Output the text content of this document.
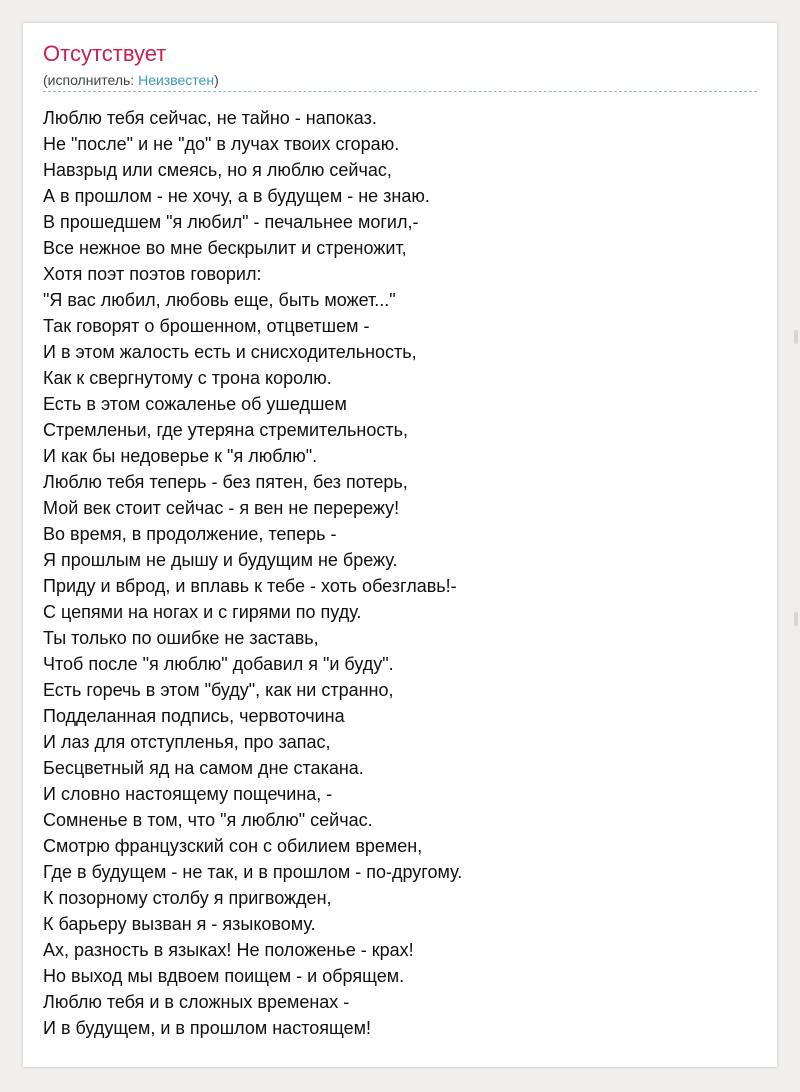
Отсутствует
(исполнитель: Неизвестен)
Люблю тебя сейчас, не тайно - напоказ.
Не "после" и не "до" в лучах твоих сгораю.
Навзрыд или смеясь, но я люблю сейчас,
А в прошлом - не хочу, а в будущем - не знаю.
В прошедшем "я любил" - печальнее могил,-
Все нежное во мне бескрылит и стреножит,
Хотя поэт поэтов говорил:
"Я вас любил, любовь еще, быть может..."
Так говорят о брошенном, отцветшем -
И в этом жалость есть и снисходительность,
Как к свергнутому с трона королю.
Есть в этом сожаленье об ушедшем
Стремленьи, где утеряна стремительность,
И как бы недоверье к "я люблю".
Люблю тебя теперь - без пятен, без потерь,
Мой век стоит сейчас - я вен не перережу!
Во время, в продолжение, теперь -
Я прошлым не дышу и будущим не брежу.
Приду и вброд, и вплавь к тебе - хоть обезглавь!-
С цепями на ногах и с гирями по пуду.
Ты только по ошибке не заставь,
Чтоб после "я люблю" добавил я "и буду".
Есть горечь в этом "буду", как ни странно,
Подделанная подпись, червоточина
И лаз для отступленья, про запас,
Бесцветный яд на самом дне стакана.
И словно настоящему пощечина, -
Сомненье в том, что "я люблю" сейчас.
Смотрю французский сон с обилием времен,
Где в будущем - не так, и в прошлом - по-другому.
К позорному столбу я пригвожден,
К барьеру вызван я - языковому.
Ах, разность в языках! Не положенье - крах!
Но выход мы вдвоем поищем - и обрящем.
Люблю тебя и в сложных временах -
И в будущем, и в прошлом настоящем!
